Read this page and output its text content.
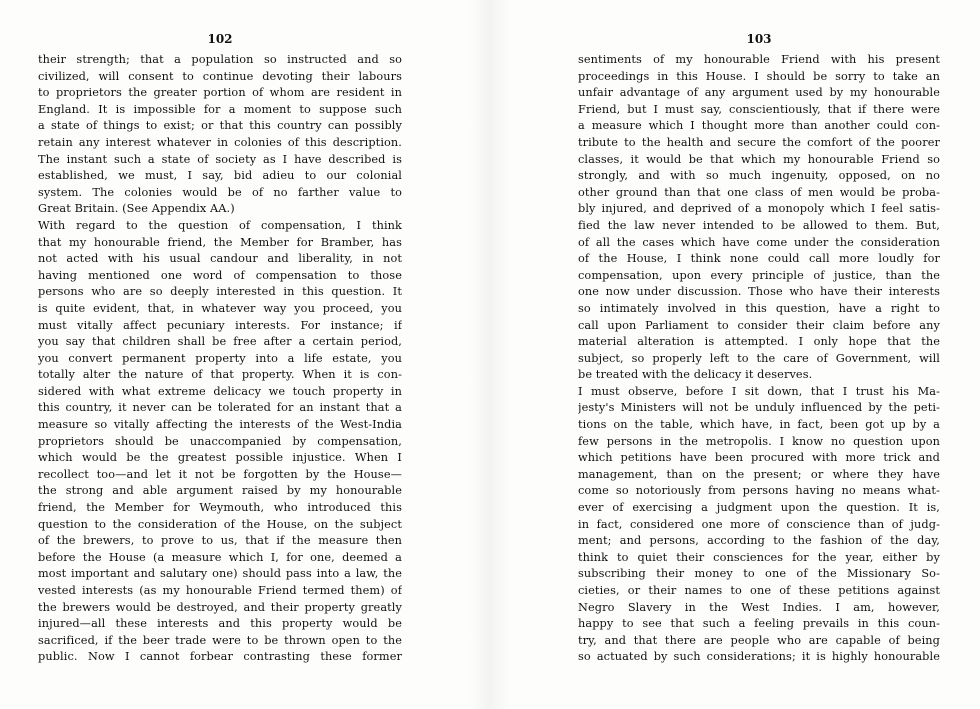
102
their strength; that a population so instructed and so
civilized, will consent to continue devoting their labours
to proprietors the greater portion of whom are resident in
England. It is impossible for a moment to suppose such
a state of things to exist; or that this country can possibly
retain any interest whatever in colonies of this description.
The instant such a state of society as I have described is
established, we must, I say, bid adieu to our colonial
system. The colonies would be of no farther value to
Great Britain. (See Appendix AA.)
With regard to the question of compensation, I think
that my honourable friend, the Member for Bramber, has
not acted with his usual candour and liberality, in not
having mentioned one word of compensation to those
persons who are so deeply interested in this question. It
is quite evident, that, in whatever way you proceed, you
must vitally affect pecuniary interests. For instance; if
you say that children shall be free after a certain period,
you convert permanent property into a life estate, you
totally alter the nature of that property. When it is con-
sidered with what extreme delicacy we touch property in
this country, it never can be tolerated for an instant that a
measure so vitally affecting the interests of the West-India
proprietors should be unaccompanied by compensation,
which would be the greatest possible injustice. When I
recollect too—and let it not be forgotten by the House—
the strong and able argument raised by my honourable
friend, the Member for Weymouth, who introduced this
question to the consideration of the House, on the subject
of the brewers, to prove to us, that if the measure then
before the House (a measure which I, for one, deemed a
most important and salutary one) should pass into a law, the
vested interests (as my honourable Friend termed them) of
the brewers would be destroyed, and their property greatly
injured—all these interests and this property would be
sacrificed, if the beer trade were to be thrown open to the
public. Now I cannot forbear contrasting these former
103
sentiments of my honourable Friend with his present
proceedings in this House. I should be sorry to take an
unfair advantage of any argument used by my honourable
Friend, but I must say, conscientiously, that if there were
a measure which I thought more than another could con-
tribute to the health and secure the comfort of the poorer
classes, it would be that which my honourable Friend so
strongly, and with so much ingenuity, opposed, on no
other ground than that one class of men would be proba-
bly injured, and deprived of a monopoly which I feel satis-
fied the law never intended to be allowed to them. But,
of all the cases which have come under the consideration
of the House, I think none could call more loudly for
compensation, upon every principle of justice, than the
one now under discussion. Those who have their interests
so intimately involved in this question, have a right to
call upon Parliament to consider their claim before any
material alteration is attempted. I only hope that the
subject, so properly left to the care of Government, will
be treated with the delicacy it deserves.
I must observe, before I sit down, that I trust his Ma-
jesty's Ministers will not be unduly influenced by the peti-
tions on the table, which have, in fact, been got up by a
few persons in the metropolis. I know no question upon
which petitions have been procured with more trick and
management, than on the present; or where they have
come so notoriously from persons having no means what-
ever of exercising a judgment upon the question. It is,
in fact, considered one more of conscience than of judg-
ment; and persons, according to the fashion of the day,
think to quiet their consciences for the year, either by
subscribing their money to one of the Missionary So-
cieties, or their names to one of these petitions against
Negro Slavery in the West Indies. I am, however,
happy to see that such a feeling prevails in this coun-
try, and that there are people who are capable of being
so actuated by such considerations; it is highly honourable
